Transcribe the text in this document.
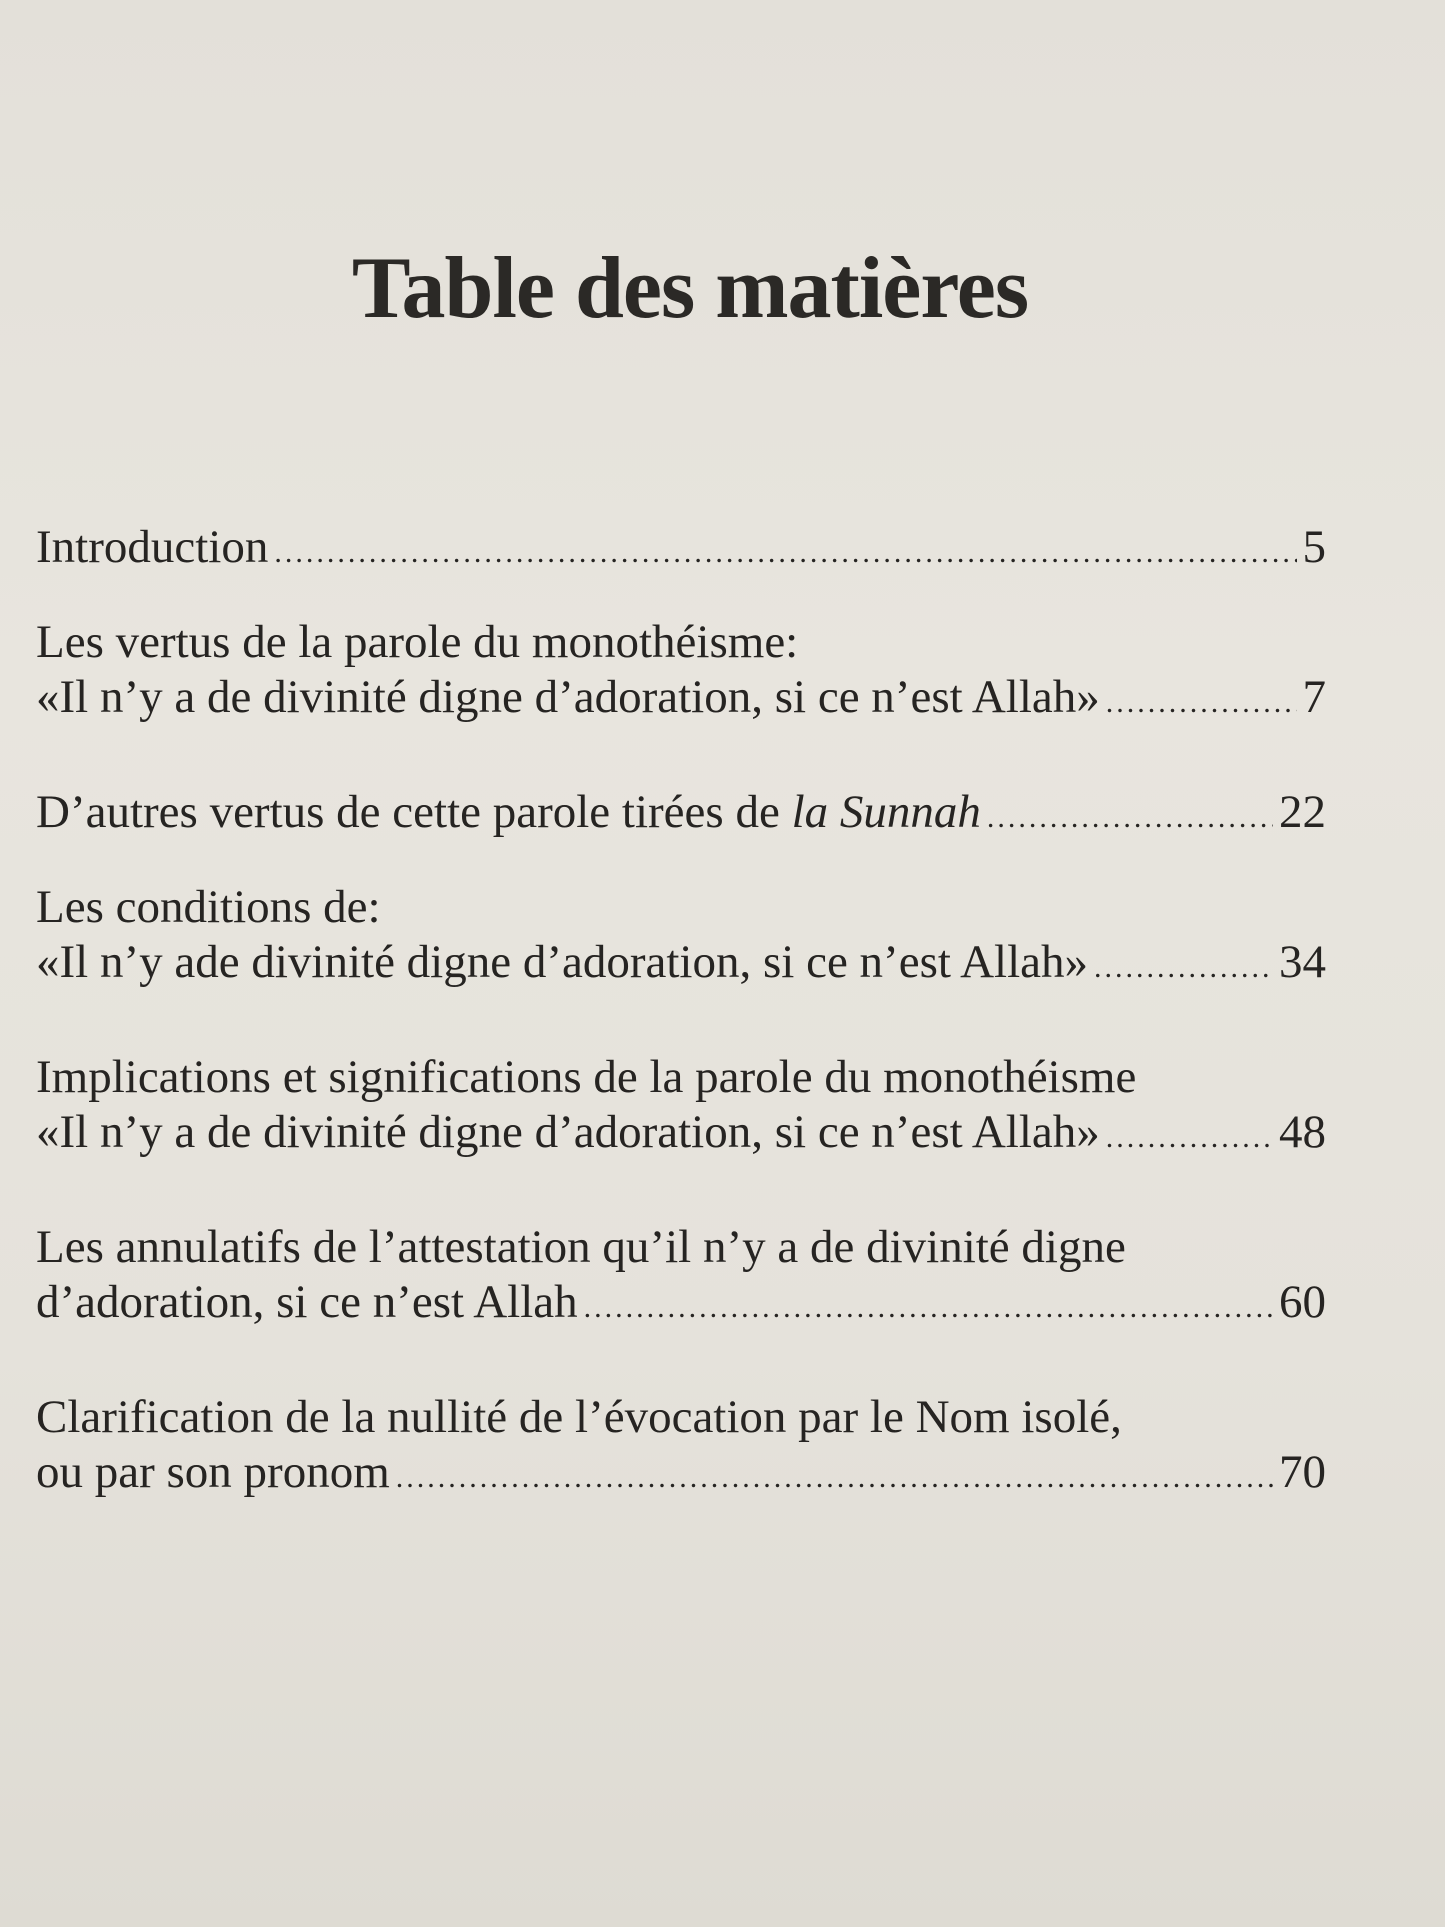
Table des matières
Introduction .....	5
Les vertus de la parole du monothéisme:
«Il n’y a de divinité digne d’adoration, si ce n’est Allah» .....	7
D’autres vertus de cette parole tirées de la Sunnah .....	22
Les conditions de:
«Il n’y ade divinité digne d’adoration, si ce n’est Allah» .....	34
Implications et significations de la parole du monothéisme
«Il n’y a de divinité digne d’adoration, si ce n’est Allah» .....	48
Les annulatifs de l’attestation qu’il n’y a de divinité digne
d’adoration, si ce n’est Allah .....	60
Clarification de la nullité de l’évocation par le Nom isolé,
ou par son pronom .....	70
